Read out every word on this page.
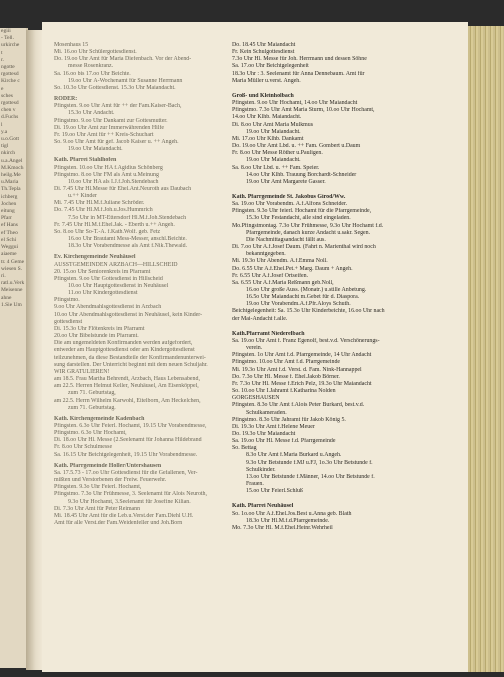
egiii
- Tell.
urkirche
t
r.
ngotte
rgottesd
Kirche c
e
sches
rgottesd
chen v
d.Fuchs
l
y.a
u.o.Gott
tigl
nkirch
u.a.Angel
M.Kmoch
heilg.Me
u.Maria
Th.Tepla
ichberg
Jochen
eitung
Pfarr
ef Hans
ef Theo
el Schi
Weggui
aiaeme
tr. 4 Geme
wiesen S.
ri.
ratl.u.Verk
Meisenne
ahne
1.Sie Um
Mosenhaus 15
Mi. 16.oo Uhr Schülergottesdienst.
Do. 19.oo Uhr Amt für Maria Diefenbach. Vor der Abend-
messe Rosenkranz.
Sa. 16.oo bis 17.oo Uhr Beichte.
19.oo Uhr Ä-Wochenamt für Susanne Herrmann
So. 10.3o Uhr Gottesdienst. 15.3o Uhr Maiandacht.
RÖDER:
Pfingsten. 9.oo Uhr Amt für ++ der Fam.Kaiser-Bach,
15.3o Uhr Andacht.
Pfingstmo. 9.oo Uhr Dankamt zur Gottesmutter.
Di. 19.oo Uhr Amt zur Immerwährenden Hilfe
Fr. 19.oo Uhr Amt für ++ Kreis-Schuchart
So. 9.oo Uhr Amt für gef. Jacob Kaiser u. ++ Angeh.
19.oo Uhr Maiandacht.
Kath. Pfarrei Stahlhofen
Pfingsten. 10.oo Uhr HA f.Ägidius Schönberg
Pfingstmo. 8.oo Uhr FM als Amt u.Meinung
10.oo Uhr HA als I.J.f.Joh.Stendebach
Di. 7.45 Uhr Hl.Messe für Ehel.Ant.Neuroth aus Daubach
u.++ Kinder
Mi. 7.45 Uhr Hl.M.f.Juliane Schröder.
Do. 7.45 Uhr Hl.M.f.Joh.u.Jos.Hummrich
7.5o Uhr in MT-Ettersdorf Hl.M.f.Joh.Stendebach
Fr. 7.45 Uhr Hl.M.f.Ehel.Jak. - Eberth u.++ Angeh.
So. 8.oo Uhr So-T.-A. f.Kath.Wolf. geb. Fetz
16.oo Uhr Brautamt Mess-Messer, anschl.Beichte.
18.3o Uhr Vorabendmesse als Amt f.Nik.Thewald.
Ev. Kirchengemeinde Neuhäusel
AUSSTGEMEINDEN ARZBACH—HILLSCHEID
20. 15.oo Uhr Seniorenkreis im Pfarramt
Pfingsten. 9.oo Uhr Gottesdienst in Hillscheid
10.oo Uhr Hauptgottesdienst in Neuhäusel
11.oo Uhr Kindergottesdienst
Pfingstmo.
9.oo Uhr Abendmahlsgottesdienst in Arzbach
10.oo Uhr Abendmahlsgottesdienst in Neuhäusel, kein Kinder-
gottesdienst
Di. 15.3o Uhr Flötenkreis im Pfarramt
20.oo Uhr Bibelstunde im Pfarramt.
Die am ungemeldeten Konfirmanden werden aufgefordert,
entweder am Hauptgottesdienst oder am Kindergottesdienst
teilzunehmen, da diese Bestandteile der Konfirmandenunterwei-
sung darstellen. Der Unterricht beginnt mit dem neuen Schuljahr.
WIR GRATULIEREN!
am 18.5. Frau Martha Behrendt, Arzbach, Haus Lebensabend,
am 22.5. Herren Helmut Keller, Neuhäusel, Am Eisenköppel,
zum 71. Geburtstag,
am 22.5. Herrn Wilhelm Karwohl, Eitelborn, Am Heckelchen,
zum 71. Geburtstag.
Kath. Kirchengemeinde Kadenbach
Pfingsten. 6.3o Uhr Feierl. Hochamt, 19.15 Uhr Vorabendmesse,
Pfingstmo. 6.3o Uhr Hochamt,
Di. 18.oo Uhr Hl. Messe (2.Seelenamt für Johanna Hildebrand
Fr. 8.oo Uhr Schulmesse
Sa. 16.15 Uhr Beichtgelegenheit, 19.15 Uhr Vorabendmesse.
Kath. Pfarrgemeinde Holler/Untershausen
Sa. 17.5.73 - 17.oo Uhr Gottesdienst für die Gefallenen, Ver-
mißten und Verstorbenen der Freiw. Feuerwehr.
Pfingsten. 9.3o Uhr Feierl. Hochamt,
Pfingstmo. 7.3o Uhr Frühmesse, 3. Seelenamt für Alois Neuroth,
9.3o Uhr Hochamt, 3.Seelenamt für Josefine Kilian.
Di. 7.3o Uhr Amt für Peter Reimann
Mi. 18.45 Uhr Amt für die Leb.u.Verst.der Fam.Diehl U.H.
Amt für alle Verst.der Fam.Weidenfeller und Joh.Born
Do. 18.45 Uhr Maiandacht
Fr. Kein Schulgottesdienst
7.3o Uhr Hl. Messe für Joh. Herrmann und dessen Söhne
Sa. 17.oo Uhr Beichtgelegenheit
18.3o Uhr : 3. Seelenamt für Anna Dennebaum. Amt für
Maria Müller u.verst. Angeh.
Groß- und Kleinholbach
Pfingsten. 9.oo Uhr Hochamt, 14.oo Uhr Maiandacht
Pfingstmo. 7.3o Uhr Amt Maria Sturm, 10.oo Uhr Hochamt,
14.oo Uhr Klhb. Maiandacht.
Di. 8.oo Uhr Amt Maria Mulkmus
19.oo Uhr Maiandacht.
Mi. 17.oo Uhr Klhb. Dankamt
Do. 19.oo Uhr Amt Lbd. u. ++ Fam. Gombert u.Daum
Fr. 8.oo Uhr Messe Röther u.Pauligen.
19.oo Uhr Maiandacht.
Sa. 8.oo Uhr Lbd. u. ++ Fam. Speier.
14.oo Uhr Klhb. Trauung Borchardt-Schneider
19.oo Uhr Amt Margarete Gasser.
Kath. Pfarrgemeinde St. Jakobus Girod/Ww.
Sa. 19.oo Uhr Vorabendm. A.f.Alfons Schneider.
Pfingsten. 9.3o Uhr feierl. Hochamt für die Pfarrgemeinde,
15.3o Uhr Festandacht, alle sind eingeladen.
Mo.Pfingstmontag. 7.3o Uhr Frühmesse, 9.3o Uhr Hochamt f.d.
Pfarrgemeinde, danach kurze Andacht u.sakr. Segen.
Die Nachmittagsandacht fällt aus.
Di. 7.oo Uhr A.f.Josef Daum. (Fahrt n. Marienthal wird noch
bekanntgegeben.
Mi. 19.3o Uhr Abendm. A.f.Emma Noll.
Do. 6.55 Uhr A.f.Ehel.Pet.+ Marg. Daum + Angeh.
Fr. 6.55 Uhr A.f.Josef Ortseifen.
Sa. 6.55 Uhr A.f.Maria Reßmann geb.Noll,
16.oo Uhr große Auss. (Monatr.) u.stille Anbetung.
16.5o Uhr Maiandacht m.Gebet für d. Diaspora.
19.oo Uhr Vorabendm.A.f.Pfr.Aloys Schuth.
Beichtgelegenheit: Sa. 15.3o Uhr Kinderbeichte, 16.oo Uhr nach
der Mai-Andacht f.alle.
Kath.Pfarramt Niederelbach
Sa. 19.oo Uhr Amt f. Franz Egenolf, best.v.d. Verschönerungs-
verein.
Pfingsten. 1o Uhr Amt f.d. Pfarrgemeinde, 14 Uhr Andacht
Pfingstmo. 10.oo Uhr Amt f.d. Pfarrgemeinde
Mi. 19.3o Uhr Amt f.d. Verst. d. Fam. Nink-Hannappel
Do. 7.3o Uhr Hl. Messe f. Ehel.Jakob Börner.
Fr. 7.3o Uhr Hl. Messe f.Erich Pelz, 19.3o Uhr Maiandacht
So. 10.oo Uhr I.Jahramt f.Katharina Nolden
GORGESHAUSEN
Pfingsten. 8.3o Uhr Amt f.Alois Peter Burkard, best.v.d.
Schulkameraden.
Pfingstmo. 8.3o Uhr Jahramt für Jakob König 5.
Di. 19.3o Uhr Amt f.Helene Meuer
Do. 19.3o Uhr Maiandacht
Sa. 19.oo Uhr Hl. Messe f.d. Pfarrgemeinde
So. Bettag
8.3o Uhr Amt f.Maria Burkard u.Angeh.
9.3o Uhr Betstunde f.MJ u.FJ, 1o.3o Uhr Betstunde f.
Schulkinder.
13.oo Uhr Betstunde f.Männer, 14.oo Uhr Betstunde f.
Frauen.
15.oo Uhr Feierl.Schluß
Kath. Pfarrei Neuhäusel
So. 1o.oo Uhr A.f.Ehel.Jos.Best u.Anna geb. Blath
18.3o Uhr Hl.M.f.d.Pfarrgemeinde.
Mo. 7.3o Uhr Hl. M.f.Ehel.Heinr.Wehrheil
